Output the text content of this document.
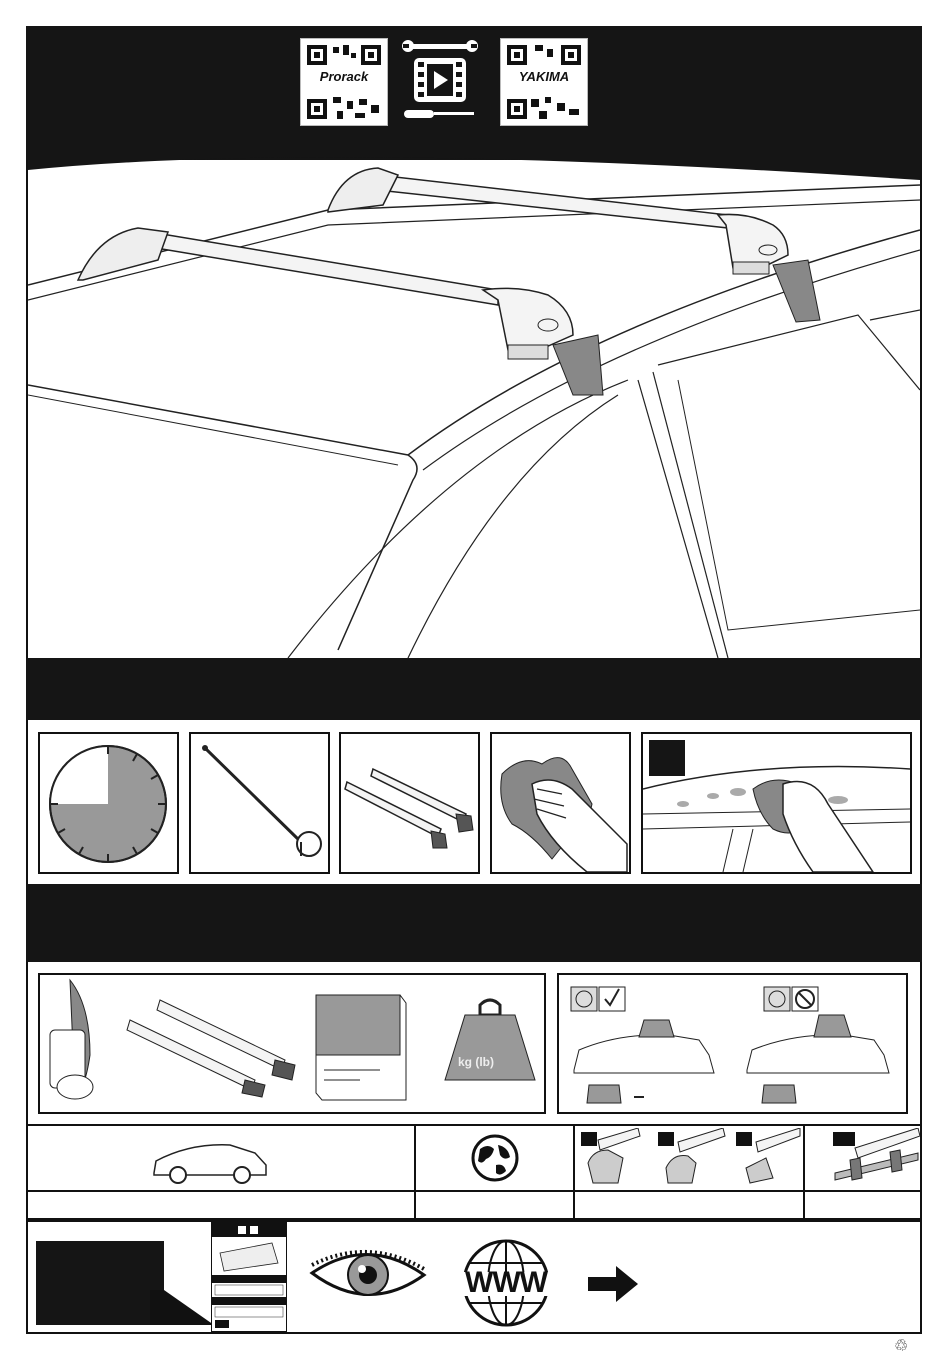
Prorack	YAKIMA
kg (lb)
WWW
♲
